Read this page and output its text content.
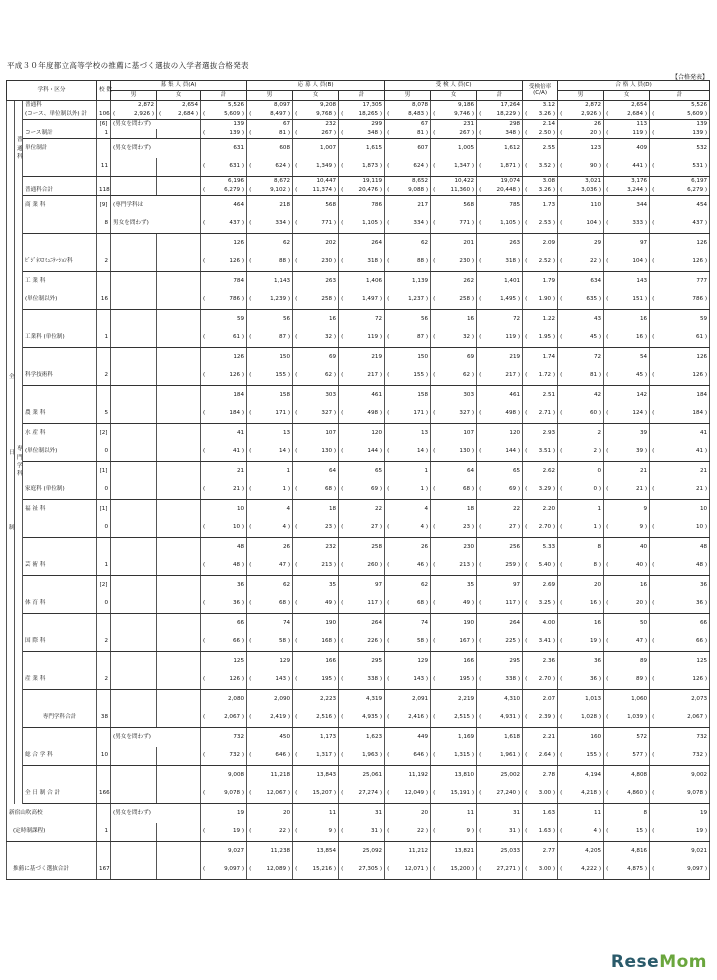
平成３０年度都立高等学校の推薦に基づく選抜の入学者選抜合格発表
【合格発表】
学科・区分			校 数	募 集 人 員(A)			応 募 人 員(B)			受 検 人 員(C)			受検倍率 (C/A)	合 格 人 員(D)		
				男	女	計	男	女	計	男	女	計		男	女	計
全

日

制	普 通 科	普通科		2,872	2,654	5,526	8,097	9,208	17,305	8,078	9,186	17,264	3.12	2,872	2,654	5,526
		(コース、単位制以外) 計	106	( 2,926 )	( 2,684 )	( 5,609 )	( 8,497 )	( 9,768 )	( 18,265 )	( 8,483 )	( 9,746 )	( 18,229 )	( 3.26 )	( 2,926 )	( 2,684 )	( 5,609 )
			[6]	(男女を問わず)		139	67	232	299	67	231	298	2.14	26	113	139
		コース制計	1			( 139 )	( 81 )	( 267 )	( 348 )	( 81 )	( 267 )	( 348 )	( 2.50 )	( 20 )	( 119 )	( 139 )
		単位制計		(男女を問わず)		631	608	1,007	1,615	607	1,005	1,612	2.55	123	409	532
			11			( 631 )	( 624 )	( 1,349 )	( 1,873 )	( 624 )	( 1,347 )	( 1,871 )	( 3.52 )	( 90 )	( 441 )	( 531 )
						6,196	8,672	10,447	19,119	8,652	10,422	19,074	3.08	3,021	3,176	6,197
		普通科合計	118			( 6,279 )	( 9,102 )	( 11,374 )	( 20,476 )	( 9,088 )	( 11,360 )	( 20,448 )	( 3.26 )	( 3,036 )	( 3,244 )	( 6,279 )
	専 門 学 科	商 業 科	[9]	(専門学科は		464	218	568	786	217	568	785	1.73	110	344	454
			8	男女を問わず)		( 437 )	( 334 )	( 771 )	( 1,105 )	( 334 )	( 771 )	( 1,105 )	( 2.53 )	( 104 )	( 333 )	( 437 )
						126	62	202	264	62	201	263	2.09	29	97	126
		ﾋﾞｼﾞﾈｽｺﾐｭﾆｹｰｼｮﾝ科	2			( 126 )	( 88 )	( 230 )	( 318 )	( 88 )	( 230 )	( 318 )	( 2.52 )	( 22 )	( 104 )	( 126 )
		工 業 科				784	1,143	263	1,406	1,139	262	1,401	1.79	634	143	777
		(単位制以外)	16			( 786 )	( 1,239 )	( 258 )	( 1,497 )	( 1,237 )	( 258 )	( 1,495 )	( 1.90 )	( 635 )	( 151 )	( 786 )
						59	56	16	72	56	16	72	1.22	43	16	59
		工業科 (単位制)	1			( 61 )	( 87 )	( 32 )	( 119 )	( 87 )	( 32 )	( 119 )	( 1.95 )	( 45 )	( 16 )	( 61 )
						126	150	69	219	150	69	219	1.74	72	54	126
		科学技術科	2			( 126 )	( 155 )	( 62 )	( 217 )	( 155 )	( 62 )	( 217 )	( 1.72 )	( 81 )	( 45 )	( 126 )
						184	158	303	461	158	303	461	2.51	42	142	184
		農 業 科	5			( 184 )	( 171 )	( 327 )	( 498 )	( 171 )	( 327 )	( 498 )	( 2.71 )	( 60 )	( 124 )	( 184 )
		水 産 科	[2]			41	13	107	120	13	107	120	2.93	2	39	41
		(単位制以外)	0			( 41 )	( 14 )	( 130 )	( 144 )	( 14 )	( 130 )	( 144 )	( 3.51 )	( 2 )	( 39 )	( 41 )
			[1]			21	1	64	65	1	64	65	2.62	0	21	21
		家庭科 (単位制)	0			( 21 )	( 1 )	( 68 )	( 69 )	( 1 )	( 68 )	( 69 )	( 3.29 )	( 0 )	( 21 )	( 21 )
		福 祉 科	[1]			10	4	18	22	4	18	22	2.20	1	9	10
			0			( 10 )	( 4 )	( 23 )	( 27 )	( 4 )	( 23 )	( 27 )	( 2.70 )	( 1 )	( 9 )	( 10 )
						48	26	232	258	26	230	256	5.33	8	40	48
		芸 術 科	1			( 48 )	( 47 )	( 213 )	( 260 )	( 46 )	( 213 )	( 259 )	( 5.40 )	( 8 )	( 40 )	( 48 )
			[2]			36	62	35	97	62	35	97	2.69	20	16	36
		体 育 科	0			( 36 )	( 68 )	( 49 )	( 117 )	( 68 )	( 49 )	( 117 )	( 3.25 )	( 16 )	( 20 )	( 36 )
						66	74	190	264	74	190	264	4.00	16	50	66
		国 際 科	2			( 66 )	( 58 )	( 168 )	( 226 )	( 58 )	( 167 )	( 225 )	( 3.41 )	( 19 )	( 47 )	( 66 )
						125	129	166	295	129	166	295	2.36	36	89	125
		産 業 科	2			( 126 )	( 143 )	( 195 )	( 338 )	( 143 )	( 195 )	( 338 )	( 2.70 )	( 36 )	( 89 )	( 126 )
						2,080	2,090	2,223	4,319	2,091	2,219	4,310	2.07	1,013	1,060	2,073
		専門学科合計	38			( 2,067 )	( 2,419 )	( 2,516 )	( 4,935 )	( 2,416 )	( 2,515 )	( 4,931 )	( 2.39 )	( 1,028 )	( 1,039 )	( 2,067 )
				(男女を問わず)		732	450	1,173	1,623	449	1,169	1,618	2.21	160	572	732
		総 合 学 科	10			( 732 )	( 646 )	( 1,317 )	( 1,963 )	( 646 )	( 1,315 )	( 1,961 )	( 2.64 )	( 155 )	( 577 )	( 732 )
						9,008	11,218	13,843	25,061	11,192	13,810	25,002	2.78	4,194	4,808	9,002
		全 日 制 合 計	166			( 9,078 )	( 12,067 )	( 15,207 )	( 27,274 )	( 12,049 )	( 15,191 )	( 27,240 )	( 3.00 )	( 4,218 )	( 4,860 )	( 9,078 )
新宿山吹高校				(男女を問わず)		19	20	11	31	20	11	31	1.63	11	8	19
(定時制課程)			1			( 19 )	( 22 )	( 9 )	( 31 )	( 22 )	( 9 )	( 31 )	( 1.63 )	( 4 )	( 15 )	( 19 )
						9,027	11,238	13,854	25,092	11,212	13,821	25,033	2.77	4,205	4,816	9,021
推薦に基づく選抜合計			167			( 9,097 )	( 12,089 )	( 15,216 )	( 27,305 )	( 12,071 )	( 15,200 )	( 27,271 )	( 3.00 )	( 4,222 )	( 4,875 )	( 9,097 )
ReseMom
